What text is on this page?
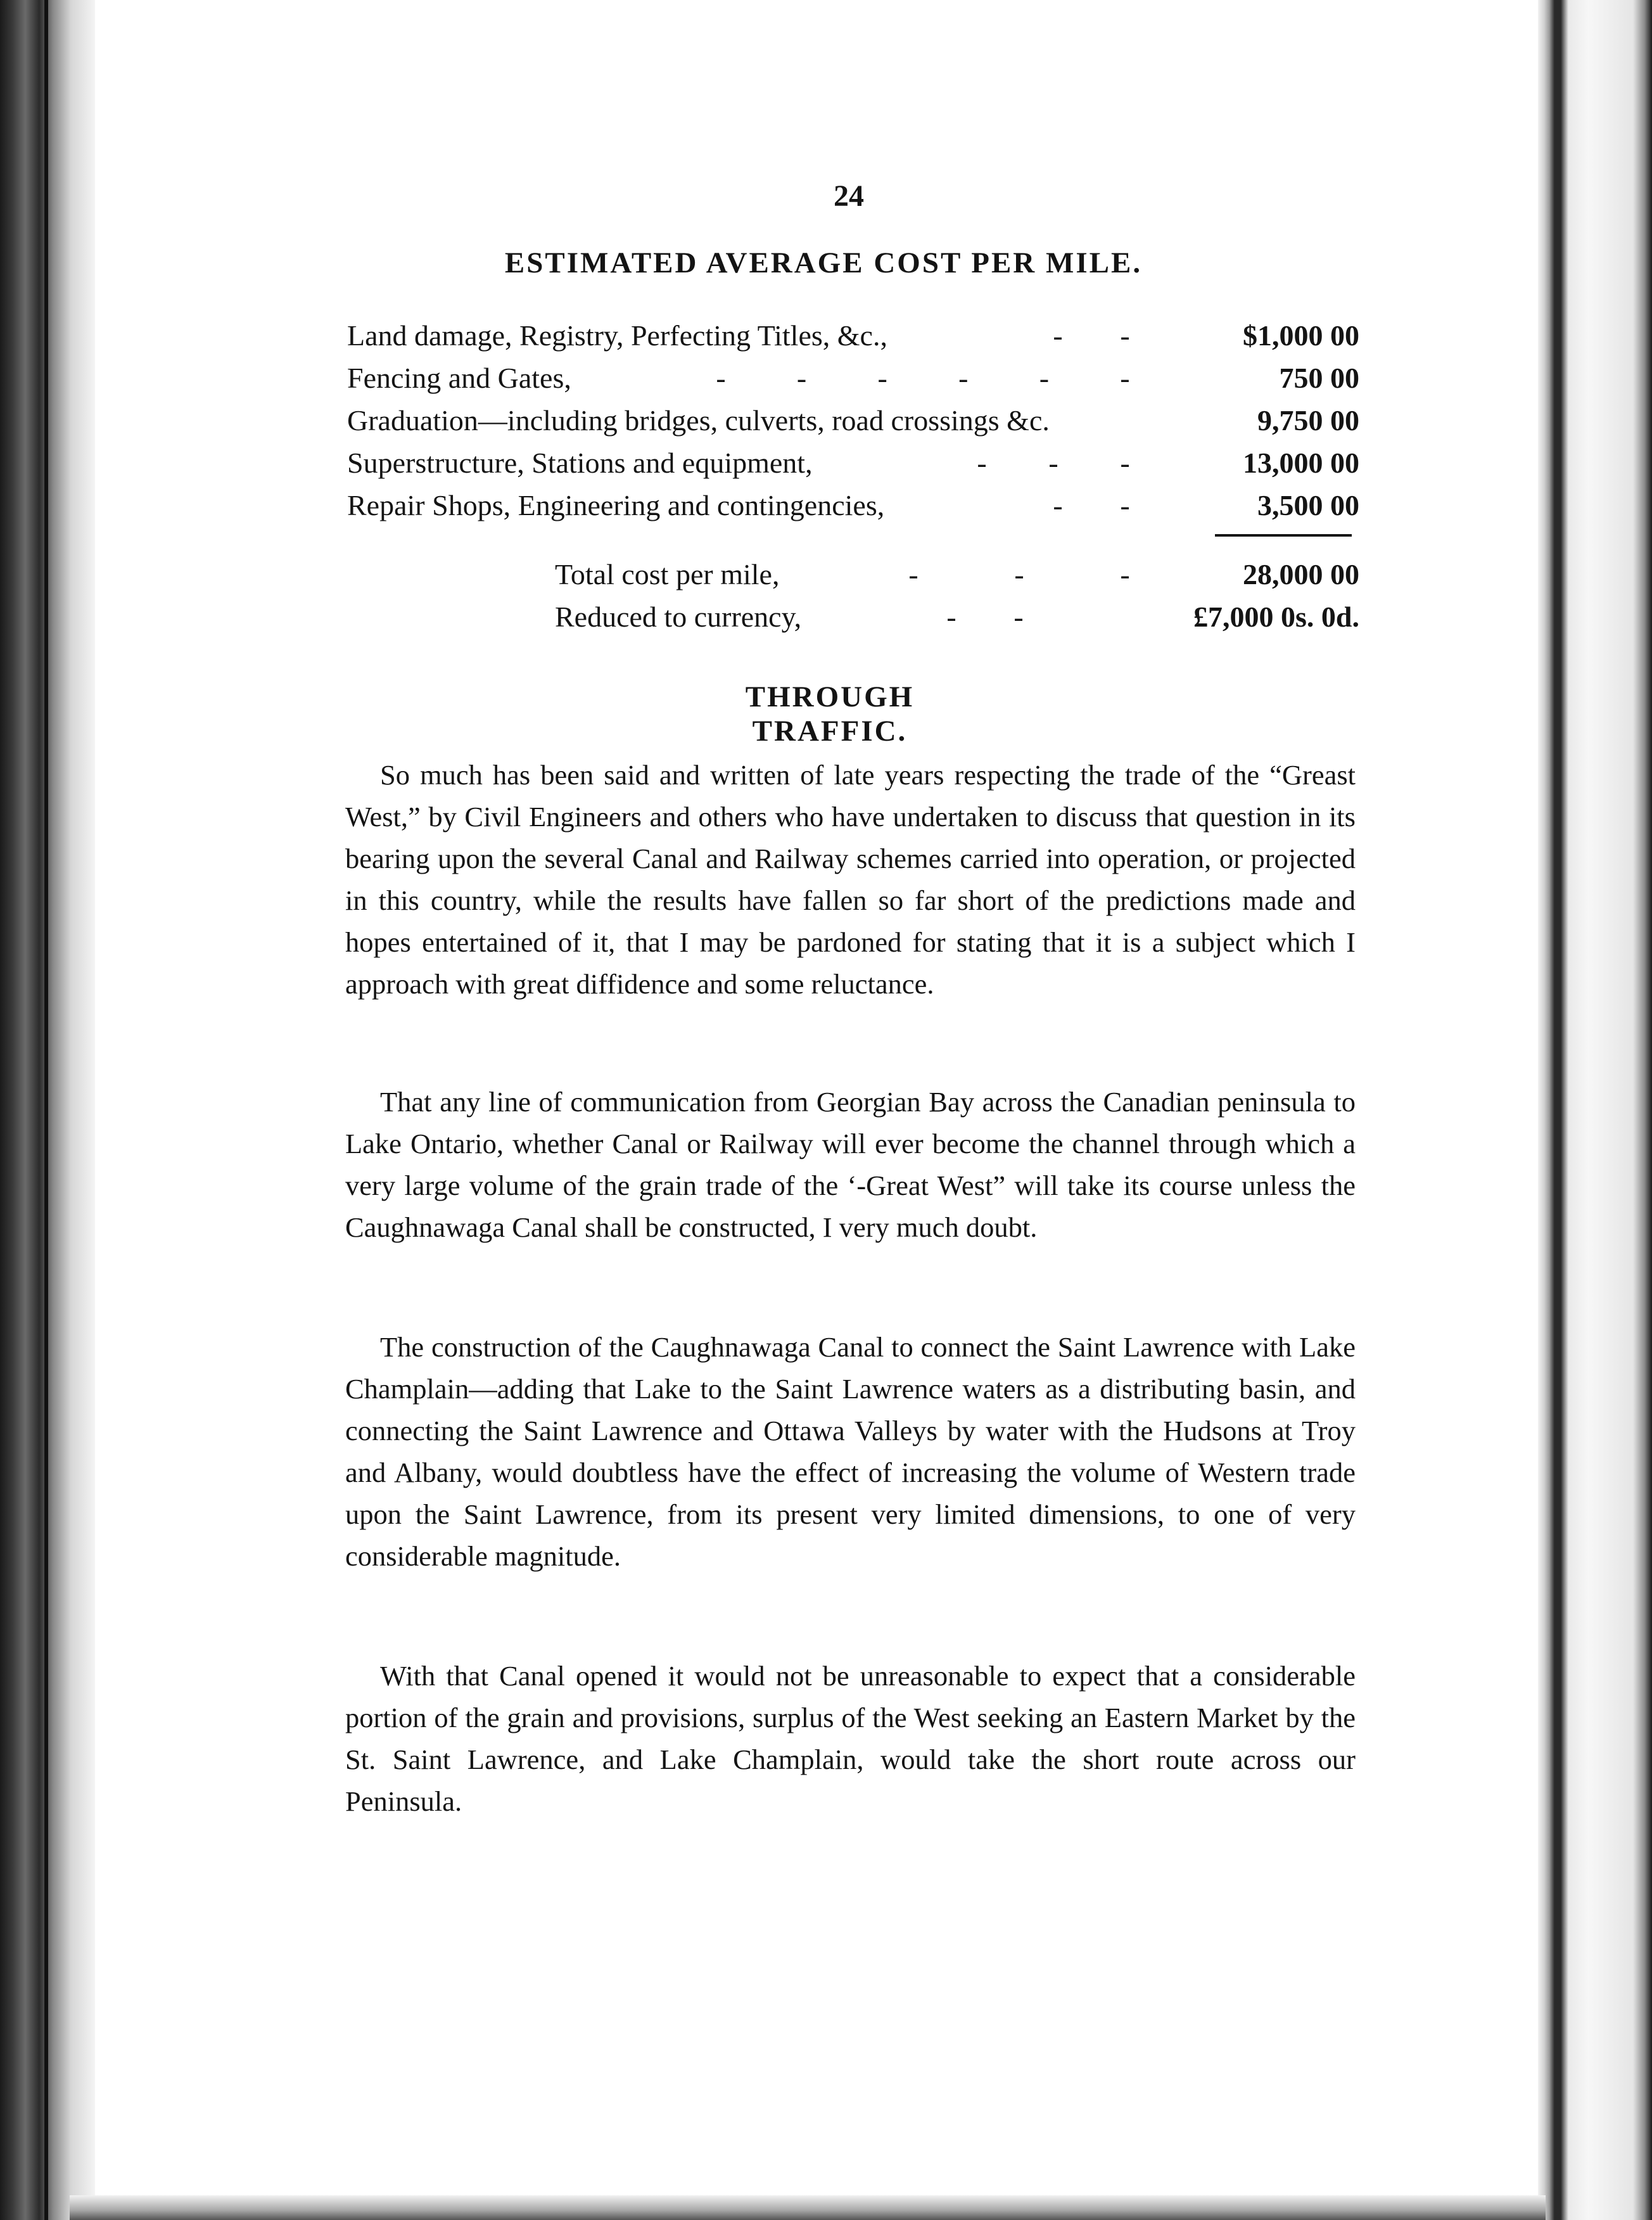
24
ESTIMATED AVERAGE COST PER MILE.
Land damage, Registry, Perfecting Titles, &c.,	- -	$1,000 00
Fencing and Gates,	- - - - - -	750 00
Graduation—including bridges, culverts, road crossings &c.	9,750 00
Superstructure, Stations and equipment,	- - -	13,000 00
Repair Shops, Engineering and contingencies,	- -	3,500 00
Total cost per mile,	-	-	-	28,000 00
Reduced to currency,	- -	£7,000 0s. 0d.
THROUGH TRAFFIC.

So much has been said and written of late years respecting the trade of the “Greast West,” by Civil Engineers and others who have undertaken to discuss that question in its bearing upon the several Canal and Railway schemes carried into operation, or projected in this country, while the results have fallen so far short of the predictions made and hopes entertained of it, that I may be pardoned for stating that it is a subject which I approach with great diffidence and some reluctance.

That any line of communication from Georgian Bay across the Canadian peninsula to Lake Ontario, whether Canal or Railway will ever become the channel through which a very large volume of the grain trade of the ‘-Great West” will take its course unless the Caughnawaga Canal shall be constructed, I very much doubt.

The construction of the Caughnawaga Canal to connect the Saint Lawrence with Lake Champlain—adding that Lake to the Saint Lawrence waters as a distributing basin, and connecting the Saint Lawrence and Ottawa Valleys by water with the Hudsons at Troy and Albany, would doubtless have the effect of increasing the volume of Western trade upon the Saint Lawrence, from its present very limited dimensions, to one of very considerable magnitude.

With that Canal opened it would not be unreasonable to expect that a considerable portion of the grain and provisions, surplus of the West seeking an Eastern Market by the St. Saint Lawrence, and Lake Champlain, would take the short route across our Peninsula.
